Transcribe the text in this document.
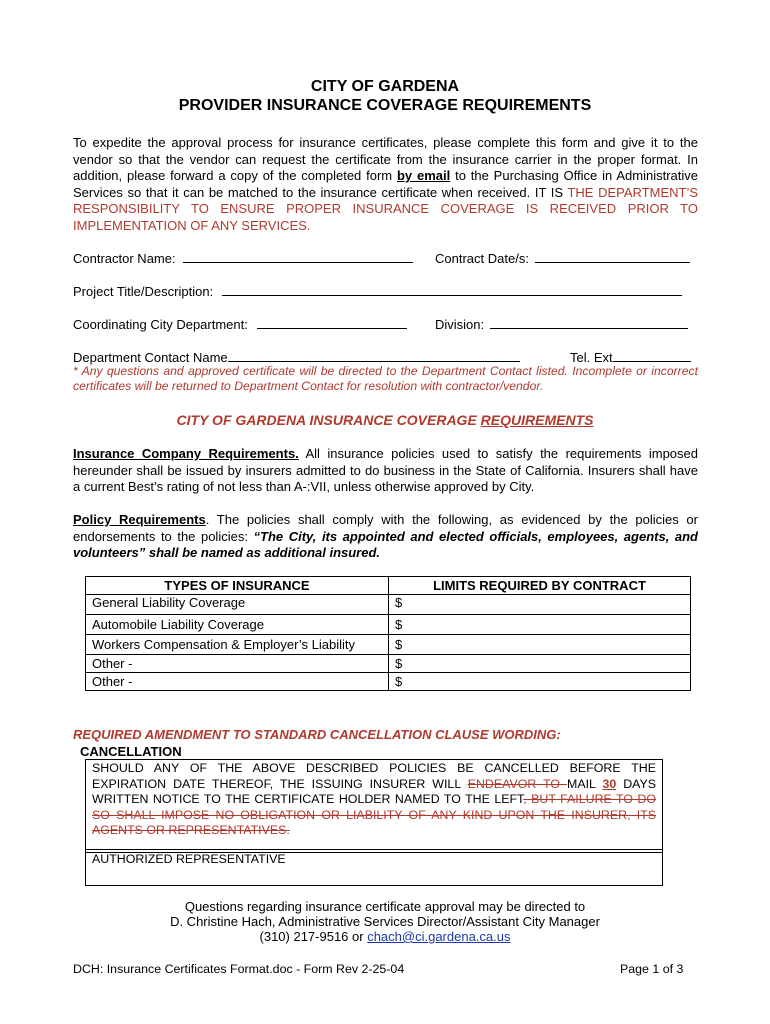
CITY OF GARDENA
PROVIDER INSURANCE COVERAGE REQUIREMENTS
To expedite the approval process for insurance certificates, please complete this form and give it to the vendor so that the vendor can request the certificate from the insurance carrier in the proper format. In addition, please forward a copy of the completed form by email to the Purchasing Office in Administrative Services so that it can be matched to the insurance certificate when received. IT IS THE DEPARTMENT’S RESPONSIBILITY TO ENSURE PROPER INSURANCE COVERAGE IS RECEIVED PRIOR TO IMPLEMENTATION OF ANY SERVICES.
Contractor Name:	Contract Date/s:
Project Title/Description:
Coordinating City Department:	Division:
Department Contact Name	Tel. Ext
* Any questions and approved certificate will be directed to the Department Contact listed. Incomplete or incorrect certificates will be returned to Department Contact for resolution with contractor/vendor.
CITY OF GARDENA INSURANCE COVERAGE REQUIREMENTS
Insurance Company Requirements. All insurance policies used to satisfy the requirements imposed hereunder shall be issued by insurers admitted to do business in the State of California. Insurers shall have a current Best’s rating of not less than A-:VII, unless otherwise approved by City.
Policy Requirements. The policies shall comply with the following, as evidenced by the policies or endorsements to the policies: “The City, its appointed and elected officials, employees, agents, and volunteers” shall be named as additional insured.
TYPES OF INSURANCE	LIMITS REQUIRED BY CONTRACT
General Liability Coverage	$
Automobile Liability Coverage	$
Workers Compensation & Employer’s Liability	$
Other -	$
Other -	$
REQUIRED AMENDMENT TO STANDARD CANCELLATION CLAUSE WORDING:
CANCELLATION
SHOULD ANY OF THE ABOVE DESCRIBED POLICIES BE CANCELLED BEFORE THE EXPIRATION DATE THEREOF, THE ISSUING INSURER WILL ENDEAVOR TO MAIL 30 DAYS WRITTEN NOTICE TO THE CERTIFICATE HOLDER NAMED TO THE LEFT, BUT FAILURE TO DO SO SHALL IMPOSE NO OBLIGATION OR LIABILITY OF ANY KIND UPON THE INSURER, ITS AGENTS OR REPRESENTATIVES.
AUTHORIZED REPRESENTATIVE
Questions regarding insurance certificate approval may be directed to
D. Christine Hach, Administrative Services Director/Assistant City Manager
(310) 217-9516 or chach@ci.gardena.ca.us
DCH: Insurance Certificates Format.doc - Form Rev 2-25-04	Page 1 of 3
